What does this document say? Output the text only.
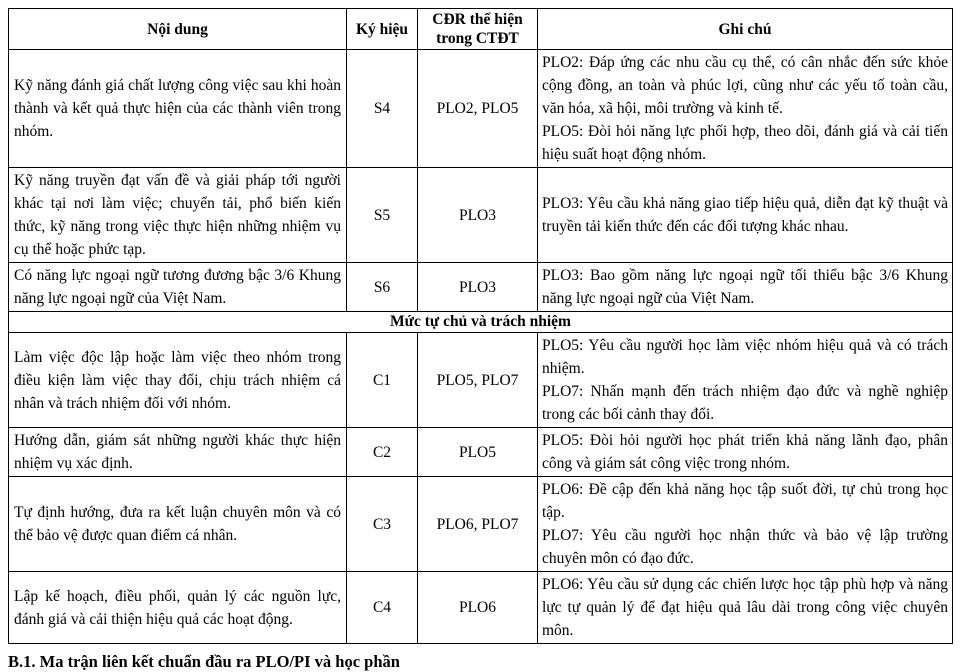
Nội dung	Ký hiệu	CĐR thể hiện trong CTĐT	Ghi chú
Kỹ năng đánh giá chất lượng công việc sau khi hoàn thành và kết quả thực hiện của các thành viên trong nhóm.	S4	PLO2, PLO5	PLO2: Đáp ứng các nhu cầu cụ thể, có cân nhắc đến sức khỏe cộng đồng, an toàn và phúc lợi, cũng như các yếu tố toàn cầu, văn hóa, xã hội, môi trường và kinh tế.
PLO5: Đòi hỏi năng lực phối hợp, theo dõi, đánh giá và cải tiến hiệu suất hoạt động nhóm.

Kỹ năng truyền đạt vấn đề và giải pháp tới người khác tại nơi làm việc; chuyển tải, phổ biến kiến thức, kỹ năng trong việc thực hiện những nhiệm vụ cụ thể hoặc phức tạp.	S5	PLO3	PLO3: Yêu cầu khả năng giao tiếp hiệu quả, diễn đạt kỹ thuật và truyền tải kiến thức đến các đối tượng khác nhau.

Có năng lực ngoại ngữ tương đương bậc 3/6 Khung năng lực ngoại ngữ của Việt Nam.	S6	PLO3	PLO3: Bao gồm năng lực ngoại ngữ tối thiểu bậc 3/6 Khung năng lực ngoại ngữ của Việt Nam.

Mức tự chủ và trách nhiệm			
Làm việc độc lập hoặc làm việc theo nhóm trong điều kiện làm việc thay đổi, chịu trách nhiệm cá nhân và trách nhiệm đối với nhóm.	C1	PLO5, PLO7	PLO5: Yêu cầu người học làm việc nhóm hiệu quả và có trách nhiệm.
PLO7: Nhấn mạnh đến trách nhiệm đạo đức và nghề nghiệp trong các bối cảnh thay đổi.

Hướng dẫn, giám sát những người khác thực hiện nhiệm vụ xác định.	C2	PLO5	PLO5: Đòi hỏi người học phát triển khả năng lãnh đạo, phân công và giám sát công việc trong nhóm.

Tự định hướng, đưa ra kết luận chuyên môn và có thể bảo vệ được quan điểm cá nhân.	C3	PLO6, PLO7	PLO6: Đề cập đến khả năng học tập suốt đời, tự chủ trong học tập.
PLO7: Yêu cầu người học nhận thức và bảo vệ lập trường chuyên môn có đạo đức.

Lập kế hoạch, điều phối, quản lý các nguồn lực, đánh giá và cải thiện hiệu quả các hoạt động.	C4	PLO6	PLO6: Yêu cầu sử dụng các chiến lược học tập phù hợp và năng lực tự quản lý để đạt hiệu quả lâu dài trong công việc chuyên môn.
B.1. Ma trận liên kết chuẩn đầu ra PLO/PI và học phần
